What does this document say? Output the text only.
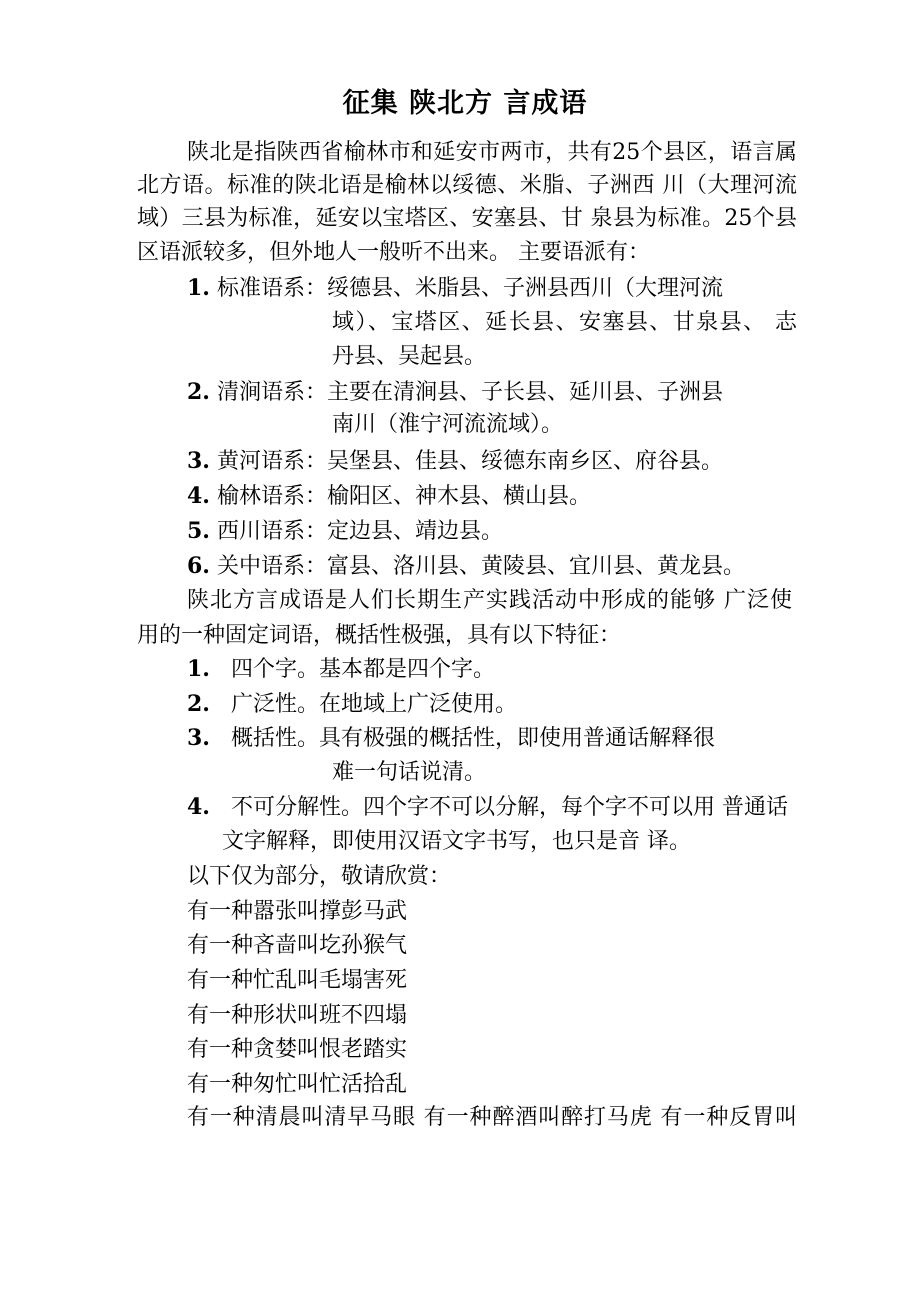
征集 陕北方 言成语
陕北是指陕西省榆林市和延安市两市，共有25个县区，语言属
北方语。标准的陕北语是榆林以绥德、米脂、子洲西 川（大理河流
域）三县为标准，延安以宝塔区、安塞县、甘 泉县为标准。25个县
区语派较多，但外地人一般听不出来。 主要语派有：
1. 标准语系：绥德县、米脂县、子洲县西川（大理河流
域）、宝塔区、延长县、安塞县、甘泉县、 志
丹县、吴起县。
2. 清涧语系：主要在清涧县、子长县、延川县、子洲县
南川（淮宁河流流域）。
3. 黄河语系：吴堡县、佳县、绥德东南乡区、府谷县。
4. 榆林语系：榆阳区、神木县、横山县。
5. 西川语系：定边县、靖边县。
6. 关中语系：富县、洛川县、黄陵县、宜川县、黄龙县。
陕北方言成语是人们长期生产实践活动中形成的能够 广泛使
用的一种固定词语，概括性极强，具有以下特征：
1. 四个字。基本都是四个字。
2. 广泛性。在地域上广泛使用。
3. 概括性。具有极强的概括性，即使用普通话解释很
难一句话说清。
4. 不可分解性。四个字不可以分解，每个字不可以用 普通话
文字解释，即使用汉语文字书写，也只是音 译。
以下仅为部分，敬请欣赏：
有一种嚣张叫撑彭马武
有一种吝啬叫圪孙猴气
有一种忙乱叫毛塌害死
有一种形状叫班不四塌
有一种贪婪叫恨老踏实
有一种匆忙叫忙活拾乱
有一种清晨叫清早马眼 有一种醉酒叫醉打马虎 有一种反胃叫
